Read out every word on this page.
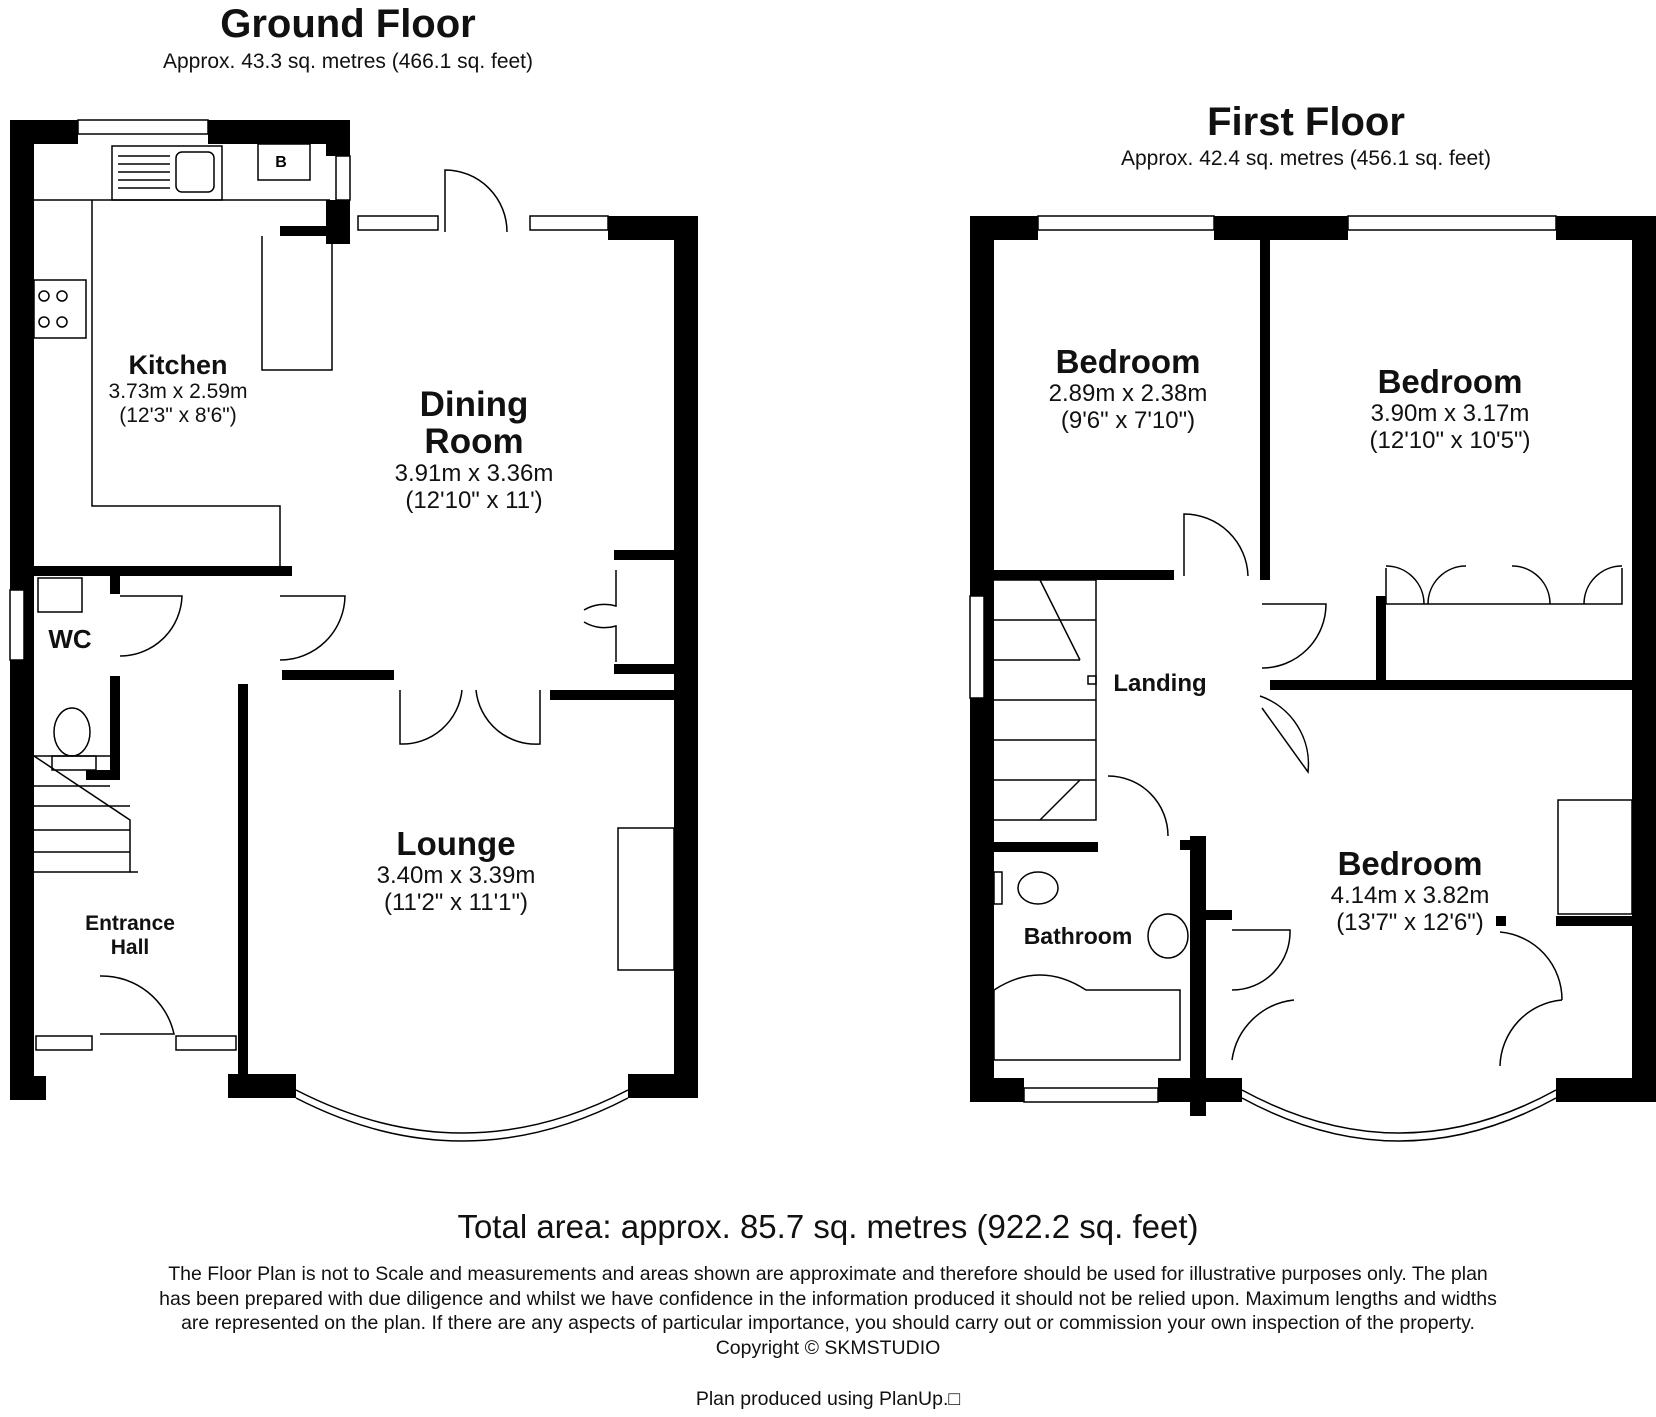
Ground Floor
Approx. 43.3 sq. metres (466.1 sq. feet)
First Floor
Approx. 42.4 sq. metres (456.1 sq. feet)
B
Kitchen
3.73m x 2.59m
(12'3" x 8'6")	Dining
Room
3.91m x 3.36m
(12'10" x 11')
WC
Entrance
Hall
Lounge
3.40m x 3.39m
(11'2" x 11'1")
Bedroom
2.89m x 2.38m
(9'6" x 7'10")
Bedroom
3.90m x 3.17m
(12'10" x 10'5")
Landing
Bathroom
Bedroom
4.14m x 3.82m
(13'7" x 12'6")
Total area: approx. 85.7 sq. metres (922.2 sq. feet)
The Floor Plan is not to Scale and measurements and areas shown are approximate and therefore should be used for illustrative purposes only. The plan has been prepared with due diligence and whilst we have confidence in the information produced it should not be relied upon. Maximum lengths and widths are represented on the plan. If there are any aspects of particular importance, you should carry out or commission your own inspection of the property. Copyright © SKMSTUDIO
Plan produced using PlanUp.□
